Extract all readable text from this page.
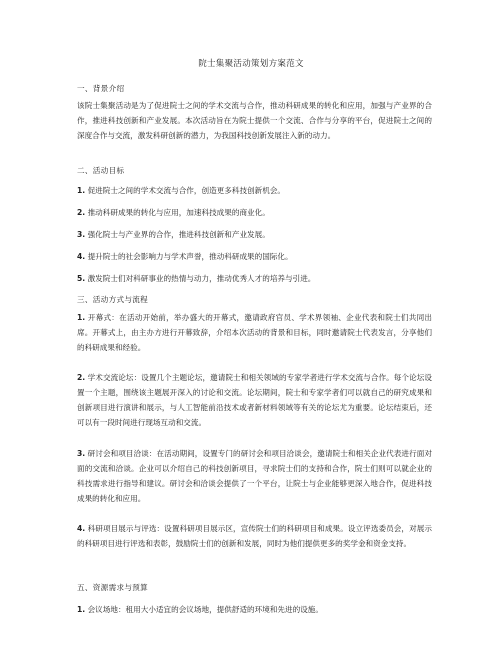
院士集聚活动策划方案范文
一、背景介绍
该院士集聚活动是为了促进院士之间的学术交流与合作，推动科研成果的转化和应用，加强与产业界的合作，推进科技创新和产业发展。本次活动旨在为院士提供一个交流、合作与分享的平台，促进院士之间的深度合作与交流，激发科研创新的潜力，为我国科技创新发展注入新的动力。
二、活动目标
1. 促进院士之间的学术交流与合作，创造更多科技创新机会。
2. 推动科研成果的转化与应用，加速科技成果的商业化。
3. 强化院士与产业界的合作，推进科技创新和产业发展。
4. 提升院士的社会影响力与学术声誉，推动科研成果的国际化。
5. 激发院士们对科研事业的热情与动力，推动优秀人才的培养与引进。
三、活动方式与流程
1. 开幕式：在活动开始前，举办盛大的开幕式，邀请政府官员、学术界领袖、企业代表和院士们共同出席。开幕式上，由主办方进行开幕致辞，介绍本次活动的背景和目标，同时邀请院士代表发言，分享他们的科研成果和经验。
2. 学术交流论坛：设置几个主题论坛，邀请院士和相关领域的专家学者进行学术交流与合作。每个论坛设置一个主题，围绕该主题展开深入的讨论和交流。论坛期间，院士和专家学者们可以就自己的研究成果和创新项目进行演讲和展示，与人工智能前沿技术或者新材料领域等有关的论坛尤为重要。论坛结束后，还可以有一段时间进行现场互动和交流。
3. 研讨会和项目洽谈：在活动期间，设置专门的研讨会和项目洽谈会，邀请院士和相关企业代表进行面对面的交流和洽谈。企业可以介绍自己的科技创新项目，寻求院士们的支持和合作，院士们则可以就企业的科技需求进行指导和建议。研讨会和洽谈会提供了一个平台，让院士与企业能够更深入地合作，促进科技成果的转化和应用。
4. 科研项目展示与评选：设置科研项目展示区，宣传院士们的科研项目和成果。设立评选委员会，对展示的科研项目进行评选和表彰，鼓励院士们的创新和发展，同时为他们提供更多的奖学金和资金支持。
五、资源需求与预算
1. 会议场地：租用大小适宜的会议场地，提供舒适的环境和先进的设施。
